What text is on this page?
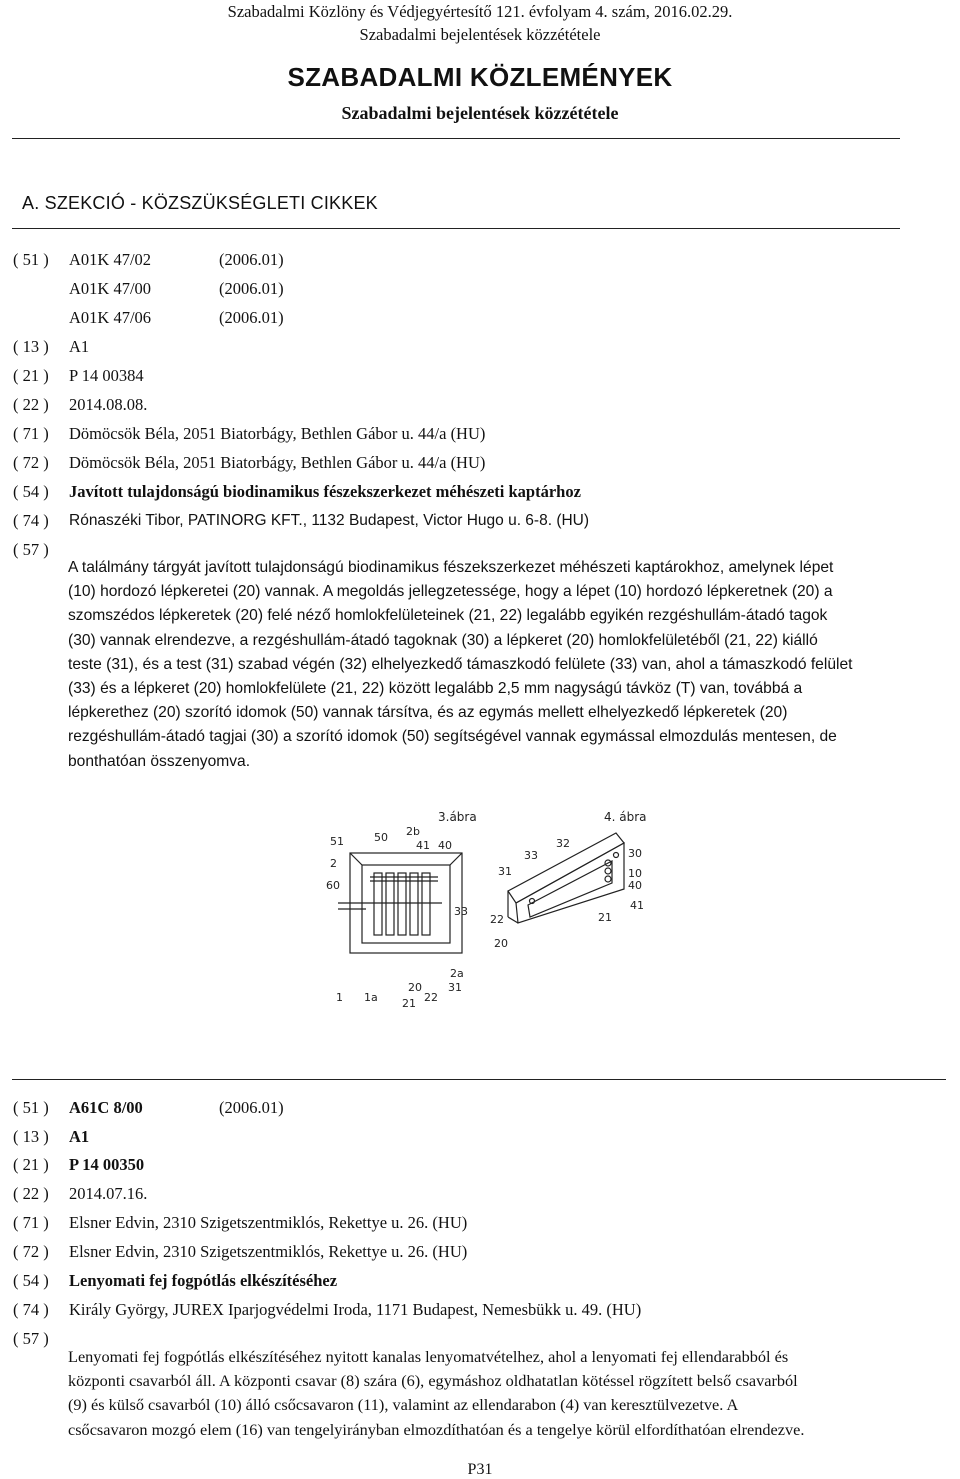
Szabadalmi Közlöny és Védjegyértesítő 121. évfolyam 4. szám, 2016.02.29.
Szabadalmi bejelentések közzététele
SZABADALMI KÖZLEMÉNYEK
Szabadalmi bejelentések közzététele
A. SZEKCIÓ - KÖZSZÜKSÉGLETI CIKKEK
( 51 ) A01K 47/02	(2006.01)
A01K 47/00	(2006.01)
A01K 47/06	(2006.01)
( 13 ) A1
( 21 ) P 14 00384
( 22 ) 2014.08.08.
( 71 ) Dömöcsök Béla, 2051 Biatorbágy, Bethlen Gábor u. 44/a (HU)
( 72 ) Dömöcsök Béla, 2051 Biatorbágy, Bethlen Gábor u. 44/a (HU)
( 54 ) Javított tulajdonságú biodinamikus fészekszerkezet méhészeti kaptárhoz
( 74 ) Rónaszéki Tibor, PATINORG KFT., 1132 Budapest, Victor Hugo u. 6-8. (HU)
( 57 )
A találmány tárgyát javított tulajdonságú biodinamikus fészekszerkezet méhészeti kaptárokhoz, amelynek lépet
(10) hordozó lépkeretei (20) vannak. A megoldás jellegzetessége, hogy a lépet (10) hordozó lépkeretnek (20) a
szomszédos lépkeretek (20) felé néző homlokfelületeinek (21, 22) legalább egyikén rezgéshullám-átadó tagok
(30) vannak elrendezve, a rezgéshullám-átadó tagoknak (30) a lépkeret (20) homlokfelületéből (21, 22) kiálló
teste (31), és a test (31) szabad végén (32) elhelyezkedő támaszkodó felülete (33) van, ahol a támaszkodó felület
(33) és a lépkeret (20) homlokfelülete (21, 22) között legalább 2,5 mm nagyságú távköz (T) van, továbbá a
lépkerethez (20) szorító idomok (50) vannak társítva, és az egymás mellett elhelyezkedő lépkeretek (20)
rezgéshullám-átadó tagjai (30) a szorító idomok (50) segítségével vannak egymással elmozdulás mentesen, de
bonthatóan összenyomva.
3.ábra
51	50 2b
41 40
2
60
33
2a
31
1 1a
20
21 22
4. ábra
32
33
31
30
10
40
41
22	21
20
( 51 ) A61C 8/00	(2006.01)
( 13 ) A1
( 21 ) P 14 00350
( 22 ) 2014.07.16.
( 71 ) Elsner Edvin, 2310 Szigetszentmiklós, Rekettye u. 26. (HU)
( 72 ) Elsner Edvin, 2310 Szigetszentmiklós, Rekettye u. 26. (HU)
( 54 ) Lenyomati fej fogpótlás elkészítéséhez
( 74 ) Király György, JUREX Iparjogvédelmi Iroda, 1171 Budapest, Nemesbükk u. 49. (HU)
( 57 )
Lenyomati fej fogpótlás elkészítéséhez nyitott kanalas lenyomatvételhez, ahol a lenyomati fej ellendarabból és
központi csavarból áll. A központi csavar (8) szára (6), egymáshoz oldhatatlan kötéssel rögzített belső csavarból
(9) és külső csavarból (10) álló csőcsavaron (11), valamint az ellendarabon (4) van keresztülvezetve. A
csőcsavaron mozgó elem (16) van tengelyirányban elmozdíthatóan és a tengelye körül elfordíthatóan elrendezve.
P31
